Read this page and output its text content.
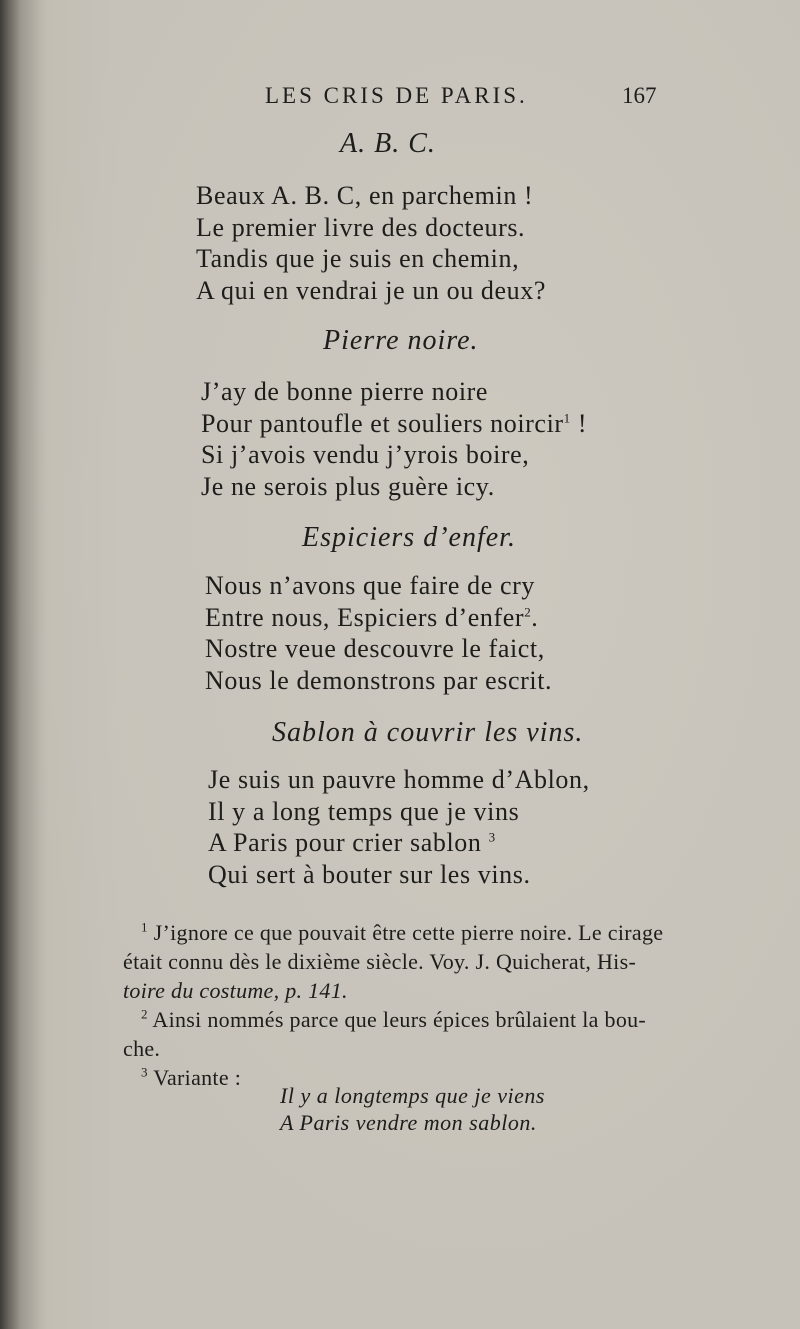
LES CRIS DE PARIS.	167
A. B. C.
Beaux A. B. C, en parchemin !
Le premier livre des docteurs.
Tandis que je suis en chemin,
A qui en vendrai je un ou deux?
Pierre noire.
J’ay de bonne pierre noire
Pour pantoufle et souliers noircir$^1$ !
Si j’avois vendu j’yrois boire,
Je ne serois plus guère icy.
Espiciers d’enfer.
Nous n’avons que faire de cry
Entre nous, Espiciers d’enfer$^2$.
Nostre veue descouvre le faict,
Nous le demonstrons par escrit.
Sablon à couvrir les vins.
Je suis un pauvre homme d’Ablon,
Il y a long temps que je vins
A Paris pour crier sablon $^3$
Qui sert à bouter sur les vins.
$^1$ J’ignore ce que pouvait être cette pierre noire. Le cirage
était connu dès le dixième siècle. Voy. J. Quicherat, His-
toire du costume, p. 141.
$^2$ Ainsi nommés parce que leurs épices brûlaient la bou-
che.
$^3$ Variante :
Il y a longtemps que je viens
A Paris vendre mon sablon.
